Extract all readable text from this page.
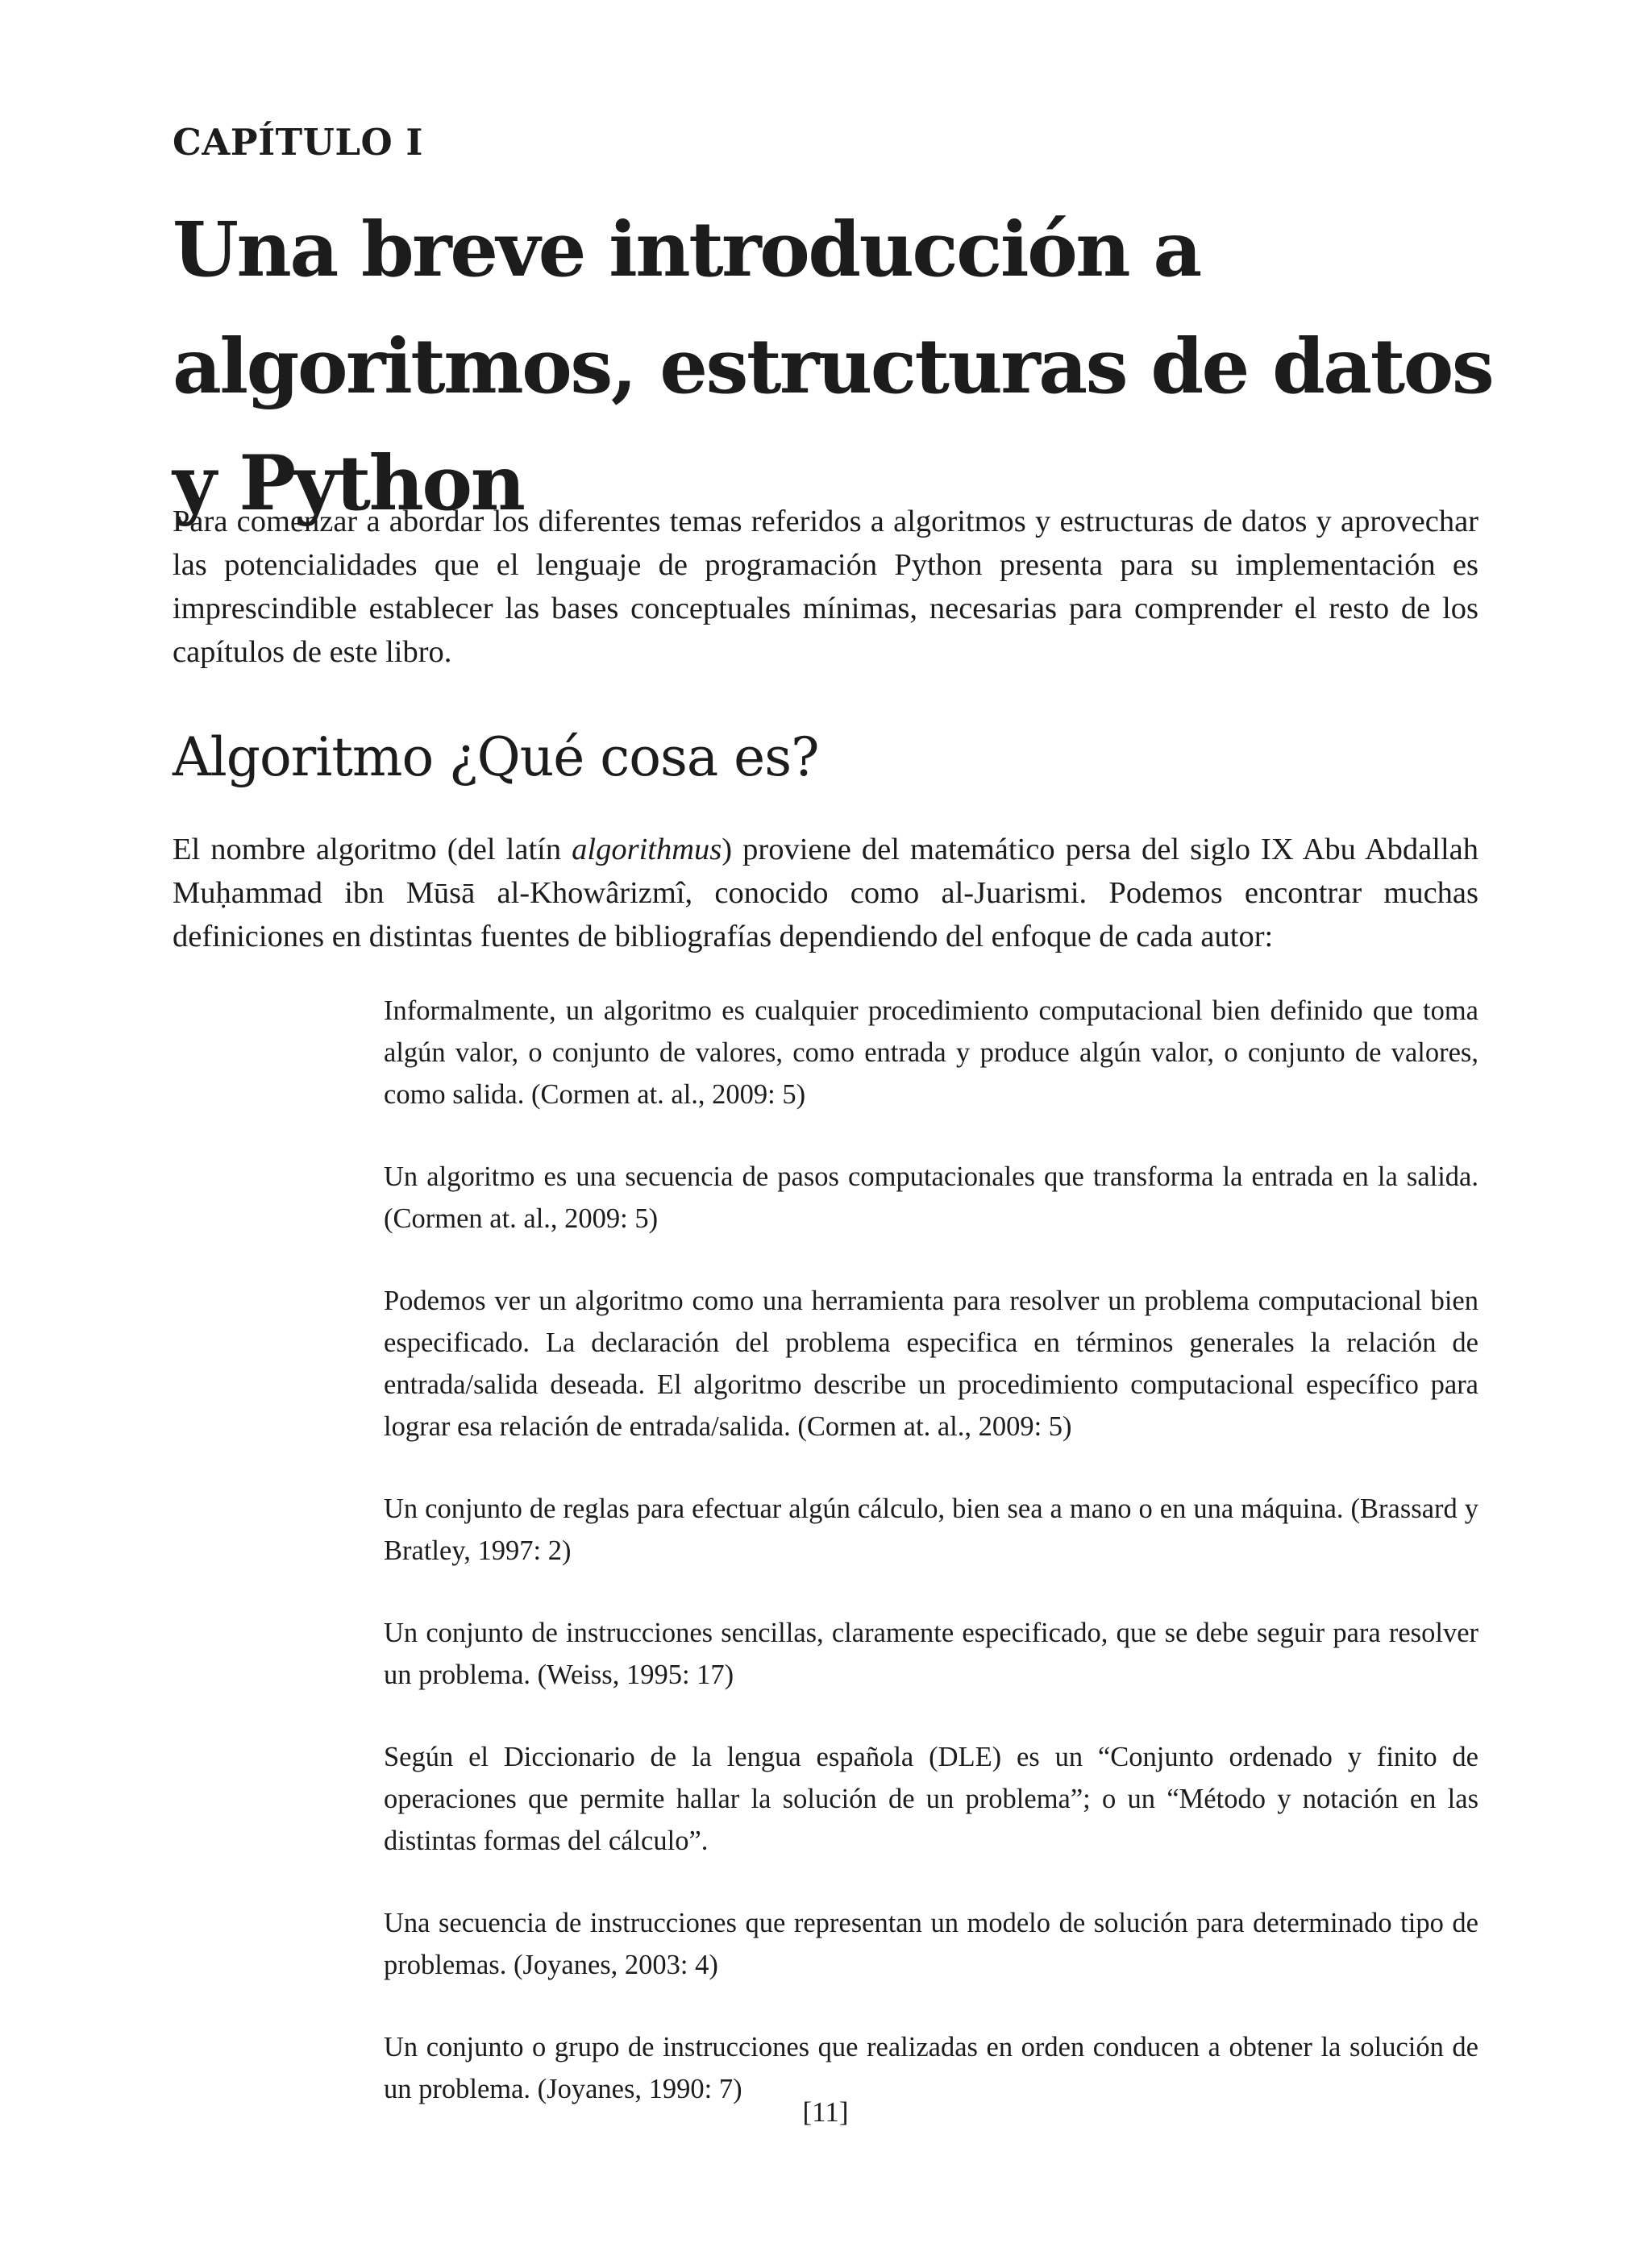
CAPÍTULO I
Una breve introducción a algoritmos, estructuras de datos y Python

Para comenzar a abordar los diferentes temas referidos a algoritmos y estructuras de datos y aprovechar las potencialidades que el lenguaje de programación Python presenta para su implementación es imprescindible establecer las bases conceptuales mínimas, necesarias para comprender el resto de los capítulos de este libro.

Algoritmo ¿Qué cosa es?

El nombre algoritmo (del latín algorithmus) proviene del matemático persa del siglo IX Abu Abdallah Muḥammad ibn Mūsā al-Khowârizmî, conocido como al-Juarismi. Podemos encontrar muchas definiciones en distintas fuentes de bibliografías dependiendo del enfoque de cada autor:

Informalmente, un algoritmo es cualquier procedimiento computacional bien definido que toma algún valor, o conjunto de valores, como entrada y produce algún valor, o conjunto de valores, como salida. (Cormen at. al., 2009: 5)

Un algoritmo es una secuencia de pasos computacionales que transforma la entrada en la salida. (Cormen at. al., 2009: 5)

Podemos ver un algoritmo como una herramienta para resolver un problema computacional bien especificado. La declaración del problema especifica en términos generales la relación de entrada/salida deseada. El algoritmo describe un procedimiento computacional específico para lograr esa relación de entrada/salida. (Cormen at. al., 2009: 5)

Un conjunto de reglas para efectuar algún cálculo, bien sea a mano o en una máquina. (Brassard y Bratley, 1997: 2)

Un conjunto de instrucciones sencillas, claramente especificado, que se debe seguir para resolver un problema. (Weiss, 1995: 17)

Según el Diccionario de la lengua española (DLE) es un “Conjunto ordenado y finito de operaciones que permite hallar la solución de un problema”; o un “Método y notación en las distintas formas del cálculo”.

Una secuencia de instrucciones que representan un modelo de solución para determinado tipo de problemas. (Joyanes, 2003: 4)

Un conjunto o grupo de instrucciones que realizadas en orden conducen a obtener la solución de un problema. (Joyanes, 1990: 7)

[11]
